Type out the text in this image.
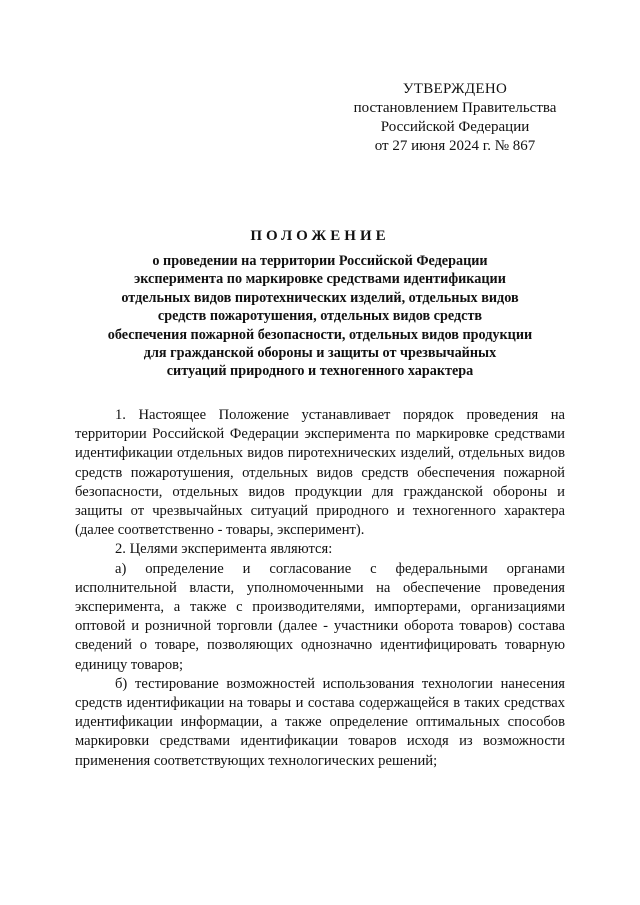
УТВЕРЖДЕНО
постановлением Правительства
Российской Федерации
от 27 июня 2024 г. № 867
ПОЛОЖЕНИЕ
о проведении на территории Российской Федерации
эксперимента по маркировке средствами идентификации
отдельных видов пиротехнических изделий, отдельных видов
средств пожаротушения, отдельных видов средств
обеспечения пожарной безопасности, отдельных видов продукции
для гражданской обороны и защиты от чрезвычайных
ситуаций природного и техногенного характера

1. Настоящее Положение устанавливает порядок проведения на территории Российской Федерации эксперимента по маркировке средствами идентификации отдельных видов пиротехнических изделий, отдельных видов средств пожаротушения, отдельных видов средств обеспечения пожарной безопасности, отдельных видов продукции для гражданской обороны и защиты от чрезвычайных ситуаций природного и техногенного характера (далее соответственно - товары, эксперимент).

2. Целями эксперимента являются:

а) определение и согласование с федеральными органами исполнительной власти, уполномоченными на обеспечение проведения эксперимента, а также с производителями, импортерами, организациями оптовой и розничной торговли (далее - участники оборота товаров) состава сведений о товаре, позволяющих однозначно идентифицировать товарную единицу товаров;

б) тестирование возможностей использования технологии нанесения средств идентификации на товары и состава содержащейся в таких средствах идентификации информации, а также определение оптимальных способов маркировки средствами идентификации товаров исходя из возможности применения соответствующих технологических решений;
